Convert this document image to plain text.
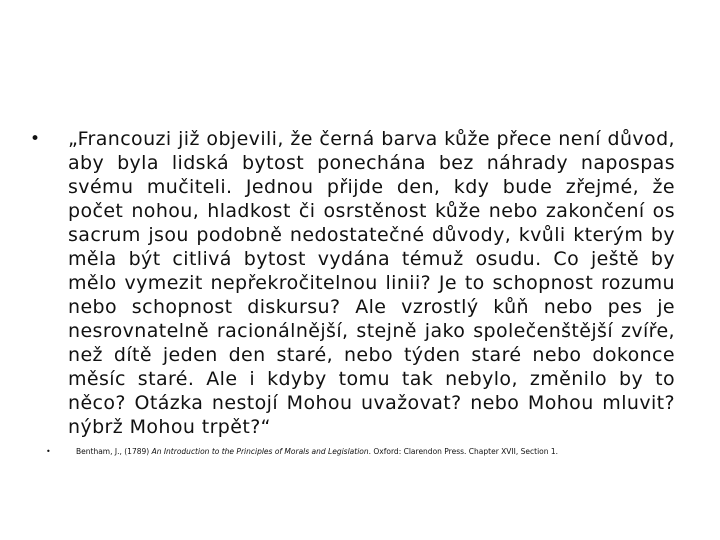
•	„Francouzi již objevili, že černá barva kůže přece není důvod, aby byla lidská bytost ponechána bez náhrady napospas svému mučiteli. Jednou přijde den, kdy bude zřejmé, že počet nohou, hladkost či osrstěnost kůže nebo zakončení os sacrum jsou podobně nedostatečné důvody, kvůli kterým by měla být citlivá bytost vydána témuž osudu. Co ještě by mělo vymezit nepřekročitelnou linii? Je to schopnost rozumu nebo schopnost diskursu? Ale vzrostlý kůň nebo pes je nesrovnatelně racionálnější, stejně jako společenštější zvíře, než dítě jeden den staré, nebo týden staré nebo dokonce měsíc staré. Ale i kdyby tomu tak nebylo, změnilo by to něco? Otázka nestojí Mohou uvažovat? nebo Mohou mluvit? nýbrž Mohou trpět?“
•	Bentham, J., (1789) An Introduction to the Principles of Morals and Legislation. Oxford: Clarendon Press. Chapter XVII, Section 1.
